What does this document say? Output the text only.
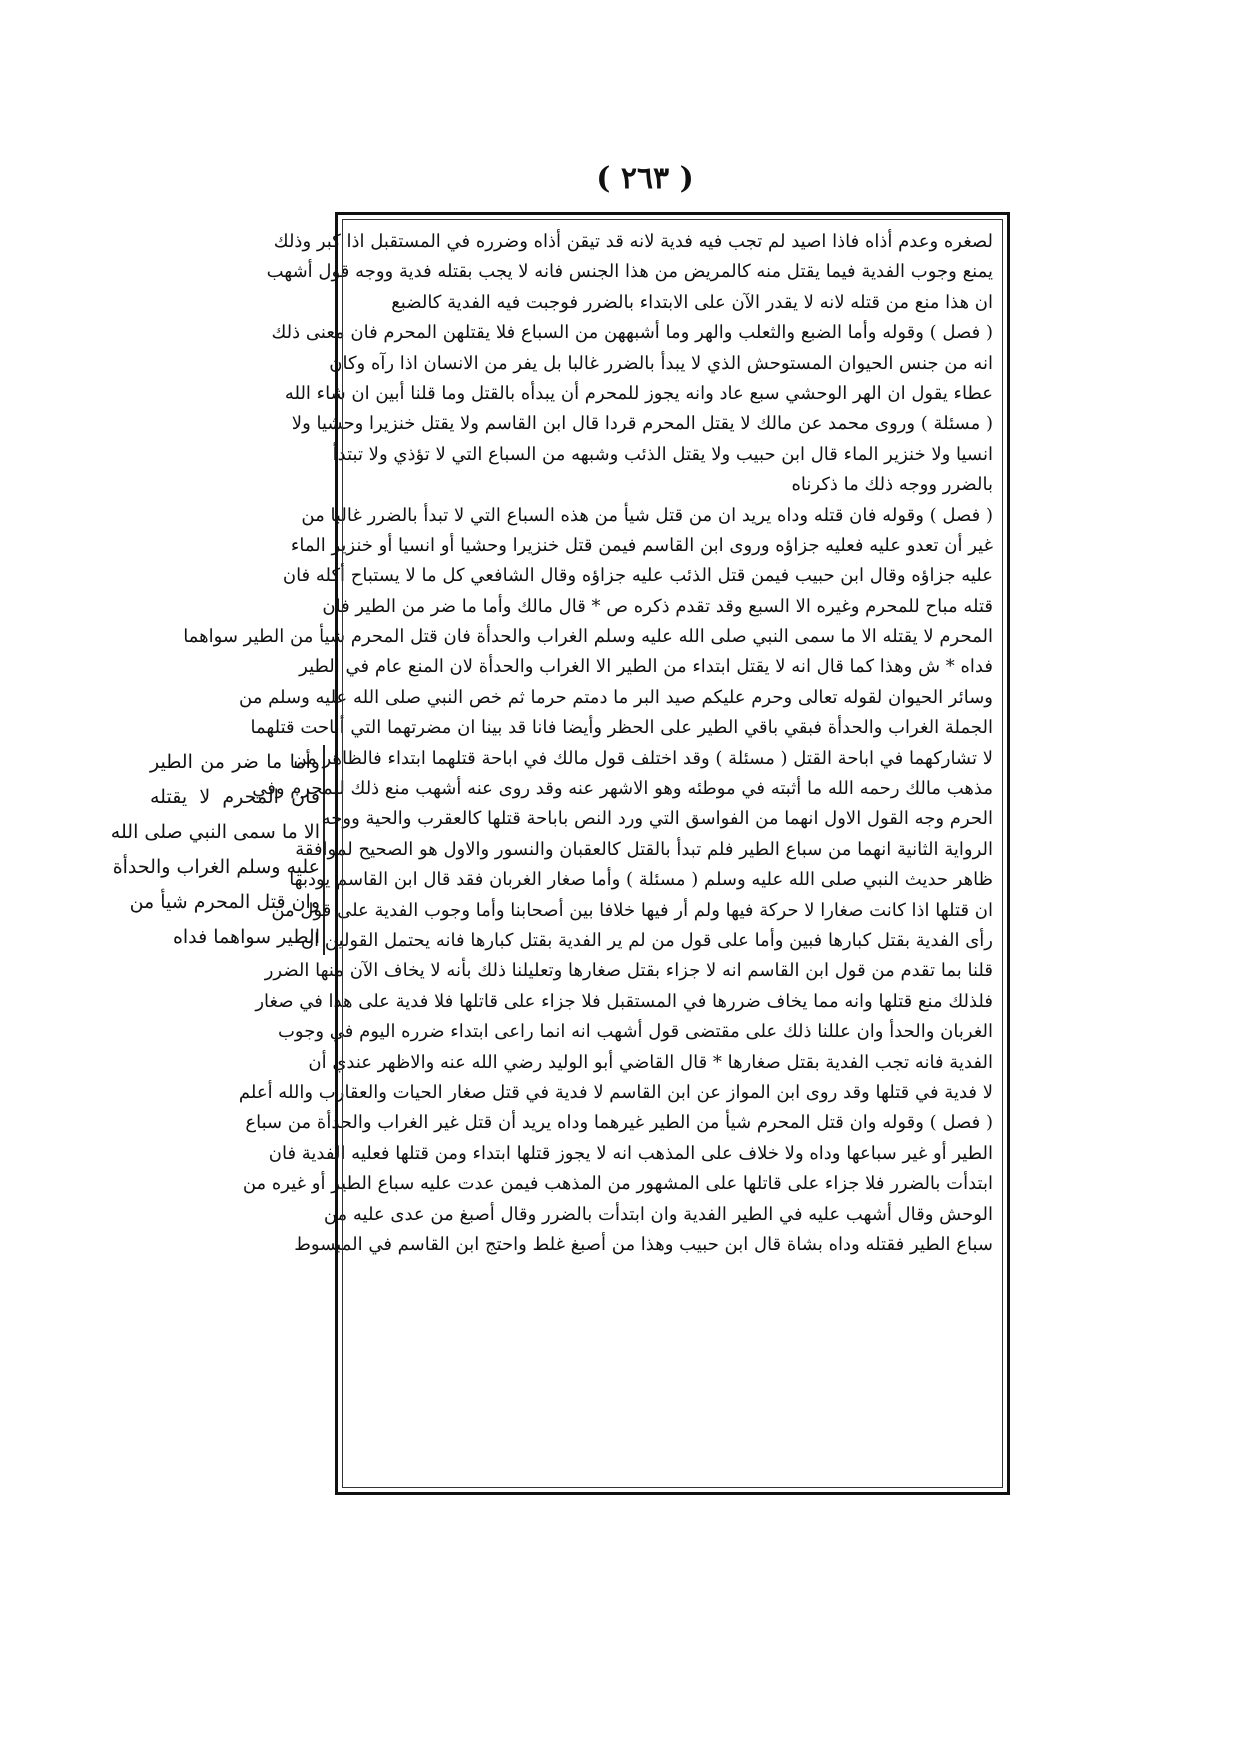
( ٢٦٣ )
وأما ما ضر من الطير
فان المحرم لا يقتله
الا ما سمى النبي صلى الله
عليه وسلم الغراب والحدأة
وان قتل المحرم شيأ من
الطير سواهما فداه
لصغره وعدم أذاه فاذا اصيد لم تجب فيه فدية لانه قد تيقن أذاه وضرره في المستقبل اذا كبر وذلك
يمنع وجوب الفدية فيما يقتل منه كالمريض من هذا الجنس فانه لا يجب بقتله فدية ووجه قول أشهب
ان هذا منع من قتله لانه لا يقدر الآن على الابتداء بالضرر فوجبت فيه الفدية كالضبع
( فصل ) وقوله وأما الضبع والثعلب والهر وما أشبههن من السباع فلا يقتلهن المحرم فان معنى ذلك
انه من جنس الحيوان المستوحش الذي لا يبدأ بالضرر غالبا بل يفر من الانسان اذا رآه وكان
عطاء يقول ان الهر الوحشي سبع عاد وانه يجوز للمحرم أن يبدأه بالقتل وما قلنا أبين ان شاء الله
( مسئلة ) وروى محمد عن مالك لا يقتل المحرم قردا قال ابن القاسم ولا يقتل خنزيرا وحشيا ولا
انسيا ولا خنزير الماء قال ابن حبيب ولا يقتل الذئب وشبهه من السباع التي لا تؤذي ولا تبتدأ
بالضرر ووجه ذلك ما ذكرناه
( فصل ) وقوله فان قتله وداه يريد ان من قتل شيأ من هذه السباع التي لا تبدأ بالضرر غالبا من
غير أن تعدو عليه فعليه جزاؤه وروى ابن القاسم فيمن قتل خنزيرا وحشيا أو انسيا أو خنزير الماء
عليه جزاؤه وقال ابن حبيب فيمن قتل الذئب عليه جزاؤه وقال الشافعي كل ما لا يستباح أكله فان
قتله مباح للمحرم وغيره الا السبع وقد تقدم ذكره ص * قال مالك وأما ما ضر من الطير فان
المحرم لا يقتله الا ما سمى النبي صلى الله عليه وسلم الغراب والحدأة فان قتل المحرم شيأ من الطير سواهما
فداه * ش وهذا كما قال انه لا يقتل ابتداء من الطير الا الغراب والحدأة لان المنع عام في الطير
وسائر الحيوان لقوله تعالى وحرم عليكم صيد البر ما دمتم حرما ثم خص النبي صلى الله عليه وسلم من
الجملة الغراب والحدأة فبقي باقي الطير على الحظر وأيضا فانا قد بينا ان مضرتهما التي أباحت قتلهما
لا تشاركهما في اباحة القتل ( مسئلة ) وقد اختلف قول مالك في اباحة قتلهما ابتداء فالظاهر من
مذهب مالك رحمه الله ما أثبته في موطئه وهو الاشهر عنه وقد روى عنه أشهب منع ذلك للمحرم وفي
الحرم وجه القول الاول انهما من الفواسق التي ورد النص باباحة قتلها كالعقرب والحية ووجه
الرواية الثانية انهما من سباع الطير فلم تبدأ بالقتل كالعقبان والنسور والاول هو الصحيح لموافقة
ظاهر حديث النبي صلى الله عليه وسلم ( مسئلة ) وأما صغار الغربان فقد قال ابن القاسم يودبها
ان قتلها اذا كانت صغارا لا حركة فيها ولم أر فيها خلافا بين أصحابنا وأما وجوب الفدية على قول من
رأى الفدية بقتل كبارها فبين وأما على قول من لم ير الفدية بقتل كبارها فانه يحتمل القولين ان
قلنا بما تقدم من قول ابن القاسم انه لا جزاء بقتل صغارها وتعليلنا ذلك بأنه لا يخاف الآن منها الضرر
فلذلك منع قتلها وانه مما يخاف ضررها في المستقبل فلا جزاء على قاتلها فلا فدية على هذا في صغار
الغربان والحدأ وان عللنا ذلك على مقتضى قول أشهب انه انما راعى ابتداء ضرره اليوم في وجوب
الفدية فانه تجب الفدية بقتل صغارها * قال القاضي أبو الوليد رضي الله عنه والاظهر عندي أن
لا فدية في قتلها وقد روى ابن المواز عن ابن القاسم لا فدية في قتل صغار الحيات والعقارب والله أعلم
( فصل ) وقوله وان قتل المحرم شيأ من الطير غيرهما وداه يريد أن قتل غير الغراب والحدأة من سباع
الطير أو غير سباعها وداه ولا خلاف على المذهب انه لا يجوز قتلها ابتداء ومن قتلها فعليه الفدية فان
ابتدأت بالضرر فلا جزاء على قاتلها على المشهور من المذهب فيمن عدت عليه سباع الطير أو غيره من
الوحش وقال أشهب عليه في الطير الفدية وان ابتدأت بالضرر وقال أصبغ من عدى عليه من
سباع الطير فقتله وداه بشاة قال ابن حبيب وهذا من أصبغ غلط واحتج ابن القاسم في المبسوط
